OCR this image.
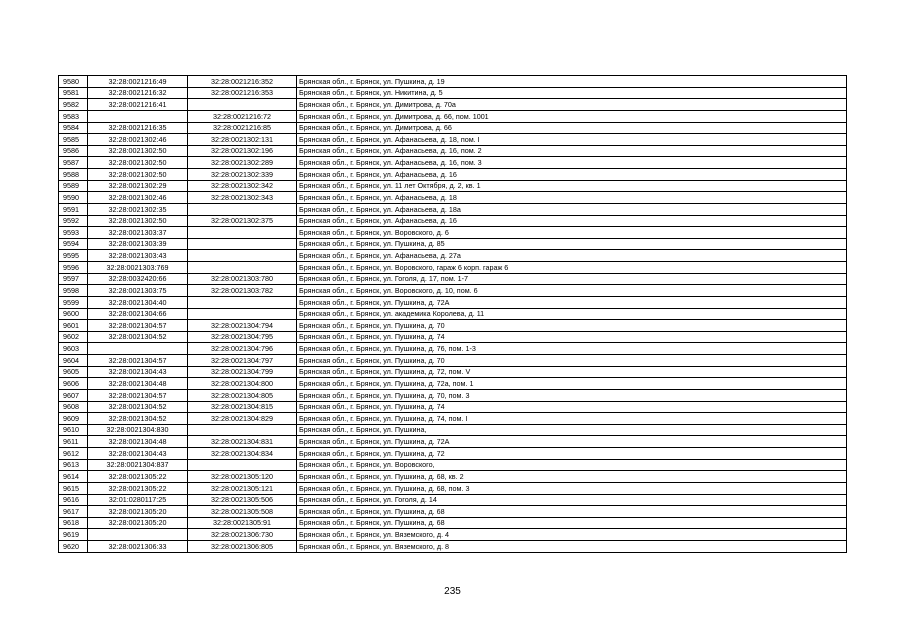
9580	32:28:0021216:49	32:28:0021216:352	Брянская обл., г. Брянск, ул. Пушкина, д. 19
9581	32:28:0021216:32	32:28:0021216:353	Брянская обл., г. Брянск, ул. Никитина, д. 5
9582	32:28:0021216:41		Брянская обл., г. Брянск, ул. Димитрова, д. 70а
9583		32:28:0021216:72	Брянская обл., г. Брянск, ул. Димитрова, д. 66, пом. 1001
9584	32:28:0021216:35	32:28:0021216:85	Брянская обл., г. Брянск, ул. Димитрова, д. 66
9585	32:28:0021302:46	32:28:0021302:131	Брянская обл., г. Брянск, ул. Афанасьева, д. 18, пом. I
9586	32:28:0021302:50	32:28:0021302:196	Брянская обл., г. Брянск, ул. Афанасьева, д. 16, пом. 2
9587	32:28:0021302:50	32:28:0021302:289	Брянская обл., г. Брянск, ул. Афанасьева, д. 16, пом. 3
9588	32:28:0021302:50	32:28:0021302:339	Брянская обл., г. Брянск, ул. Афанасьева, д. 16
9589	32:28:0021302:29	32:28:0021302:342	Брянская обл., г. Брянск, ул. 11 лет Октября, д. 2, кв. 1
9590	32:28:0021302:46	32:28:0021302:343	Брянская обл., г. Брянск, ул. Афанасьева, д. 18
9591	32:28:0021302:35		Брянская обл., г. Брянск, ул. Афанасьева, д. 18а
9592	32:28:0021302:50	32:28:0021302:375	Брянская обл., г. Брянск, ул. Афанасьева, д. 16
9593	32:28:0021303:37		Брянская обл., г. Брянск, ул. Воровского, д. 6
9594	32:28:0021303:39		Брянская обл., г. Брянск, ул. Пушкина, д. 85
9595	32:28:0021303:43		Брянская обл., г. Брянск, ул. Афанасьева, д. 27а
9596	32:28:0021303:769		Брянская обл., г. Брянск, ул. Воровского, гараж 6 корп. гараж 6
9597	32:28:0032420:66	32:28:0021303:780	Брянская обл., г. Брянск, ул. Гоголя, д. 17, пом. 1-7
9598	32:28:0021303:75	32:28:0021303:782	Брянская обл., г. Брянск, ул. Воровского, д. 10, пом. 6
9599	32:28:0021304:40		Брянская обл., г. Брянск, ул. Пушкина, д. 72А
9600	32:28:0021304:66		Брянская обл., г. Брянск, ул. академика Королева, д. 11
9601	32:28:0021304:57	32:28:0021304:794	Брянская обл., г. Брянск, ул. Пушкина, д. 70
9602	32:28:0021304:52	32:28:0021304:795	Брянская обл., г. Брянск, ул. Пушкина, д. 74
9603		32:28:0021304:796	Брянская обл., г. Брянск, ул. Пушкина, д. 76, пом. 1-3
9604	32:28:0021304:57	32:28:0021304:797	Брянская обл., г. Брянск, ул. Пушкина, д. 70
9605	32:28:0021304:43	32:28:0021304:799	Брянская обл., г. Брянск, ул. Пушкина, д. 72, пом. V
9606	32:28:0021304:48	32:28:0021304:800	Брянская обл., г. Брянск, ул. Пушкина, д. 72а, пом. 1
9607	32:28:0021304:57	32:28:0021304:805	Брянская обл., г. Брянск, ул. Пушкина, д. 70, пом. 3
9608	32:28:0021304:52	32:28:0021304:815	Брянская обл., г. Брянск, ул. Пушкина, д. 74
9609	32:28:0021304:52	32:28:0021304:829	Брянская обл., г. Брянск, ул. Пушкина, д. 74, пом. I
9610	32:28:0021304:830		Брянская обл., г. Брянск, ул. Пушкина,
9611	32:28:0021304:48	32:28:0021304:831	Брянская обл., г. Брянск, ул. Пушкина, д. 72А
9612	32:28:0021304:43	32:28:0021304:834	Брянская обл., г. Брянск, ул. Пушкина, д. 72
9613	32:28:0021304:837		Брянская обл., г. Брянск, ул. Воровского,
9614	32:28:0021305:22	32:28:0021305:120	Брянская обл., г. Брянск, ул. Пушкина, д. 68, кв. 2
9615	32:28:0021305:22	32:28:0021305:121	Брянская обл., г. Брянск, ул. Пушкина, д. 68, пом. 3
9616	32:01:0280117:25	32:28:0021305:506	Брянская обл., г. Брянск, ул. Гоголя, д. 14
9617	32:28:0021305:20	32:28:0021305:508	Брянская обл., г. Брянск, ул. Пушкина, д. 68
9618	32:28:0021305:20	32:28:0021305:91	Брянская обл., г. Брянск, ул. Пушкина, д. 68
9619		32:28:0021306:730	Брянская обл., г. Брянск, ул. Вяземского, д. 4
9620	32:28:0021306:33	32:28:0021306:805	Брянская обл., г. Брянск, ул. Вяземского, д. 8
235
